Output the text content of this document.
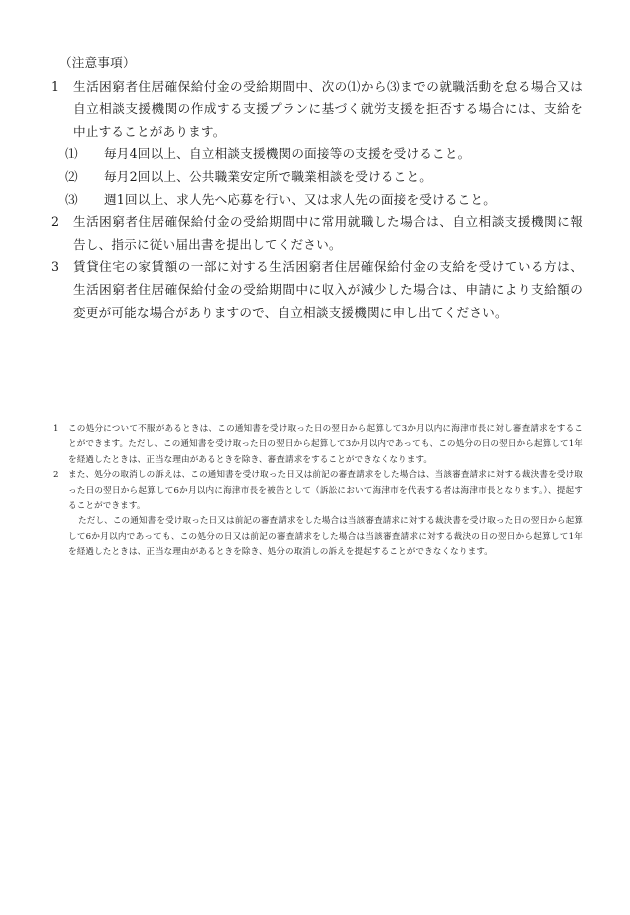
（注意事項）
1 生活困窮者住居確保給付金の受給期間中、次の⑴から⑶までの就職活動を怠る場合又は自立相談支援機関の作成する支援プランに基づく就労支援を拒否する場合には、支給を中止することがあります。
⑴ 毎月4回以上、自立相談支援機関の面接等の支援を受けること。
⑵ 毎月2回以上、公共職業安定所で職業相談を受けること。
⑶ 週1回以上、求人先へ応募を行い、又は求人先の面接を受けること。
2 生活困窮者住居確保給付金の受給期間中に常用就職した場合は、自立相談支援機関に報告し、指示に従い届出書を提出してください。
3 賃貸住宅の家賃額の一部に対する生活困窮者住居確保給付金の支給を受けている方は、生活困窮者住居確保給付金の受給期間中に収入が減少した場合は、申請により支給額の変更が可能な場合がありますので、自立相談支援機関に申し出てください。
1 この処分について不服があるときは、この通知書を受け取った日の翌日から起算して3か月以内に海津市長に対し審査請求をすることができます。ただし、この通知書を受け取った日の翌日から起算して3か月以内であっても、この処分の日の翌日から起算して1年を経過したときは、正当な理由があるときを除き、審査請求をすることができなくなります。
2 また、処分の取消しの訴えは、この通知書を受け取った日又は前記の審査請求をした場合は、当該審査請求に対する裁決書を受け取った日の翌日から起算して6か月以内に海津市長を被告として（訴訟において海津市を代表する者は海津市長となります。）、提起することができます。
ただし、この通知書を受け取った日又は前記の審査請求をした場合は当該審査請求に対する裁決書を受け取った日の翌日から起算して6か月以内であっても、この処分の日又は前記の審査請求をした場合は当該審査請求に対する裁決の日の翌日から起算して1年を経過したときは、正当な理由があるときを除き、処分の取消しの訴えを提起することができなくなります。
